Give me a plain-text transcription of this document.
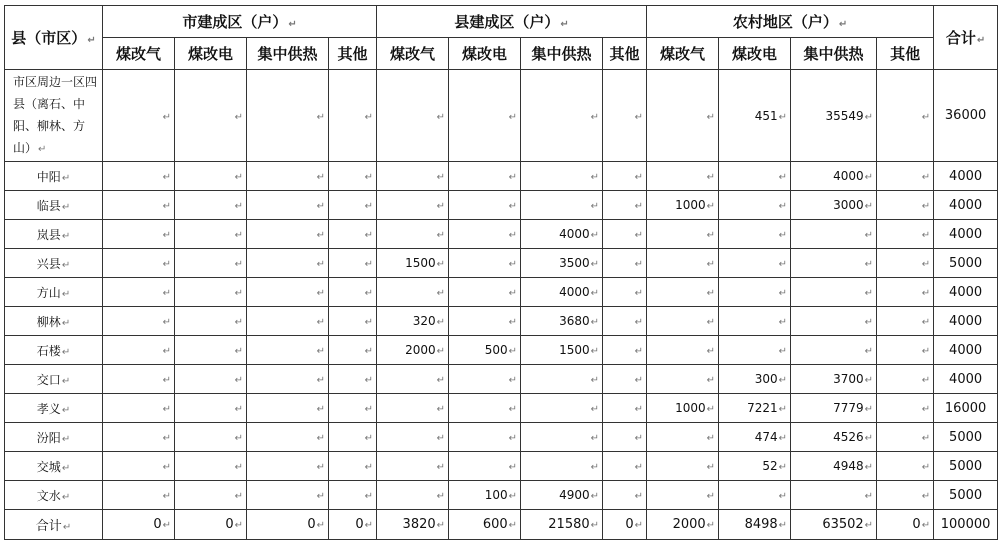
县（市区）↵	市建成区（户）↵				县建成区（户）↵				农村地区（户）↵				合计↵
	煤改气	煤改电	集中供热	其他	煤改气	煤改电	集中供热	其他	煤改气	煤改电	集中供热	其他	
市区周边一区四县（离石、中阳、柳林、方山）↵	↵	↵	↵	↵	↵	↵	↵	↵	↵	451↵	35549↵	↵	36000
中阳↵	↵	↵	↵	↵	↵	↵	↵	↵	↵	↵	4000↵	↵	4000
临县↵	↵	↵	↵	↵	↵	↵	↵	↵	1000↵	↵	3000↵	↵	4000
岚县↵	↵	↵	↵	↵	↵	↵	4000↵	↵	↵	↵	↵	↵	4000
兴县↵	↵	↵	↵	↵	1500↵	↵	3500↵	↵	↵	↵	↵	↵	5000
方山↵	↵	↵	↵	↵	↵	↵	4000↵	↵	↵	↵	↵	↵	4000
柳林↵	↵	↵	↵	↵	320↵	↵	3680↵	↵	↵	↵	↵	↵	4000
石楼↵	↵	↵	↵	↵	2000↵	500↵	1500↵	↵	↵	↵	↵	↵	4000
交口↵	↵	↵	↵	↵	↵	↵	↵	↵	↵	300↵	3700↵	↵	4000
孝义↵	↵	↵	↵	↵	↵	↵	↵	↵	1000↵	7221↵	7779↵	↵	16000
汾阳↵	↵	↵	↵	↵	↵	↵	↵	↵	↵	474↵	4526↵	↵	5000
交城↵	↵	↵	↵	↵	↵	↵	↵	↵	↵	52↵	4948↵	↵	5000
文水↵	↵	↵	↵	↵	↵	100↵	4900↵	↵	↵	↵	↵	↵	5000
合计↵	0↵	0↵	0↵	0↵	3820↵	600↵	21580↵	0↵	2000↵	8498↵	63502↵	0↵	100000
